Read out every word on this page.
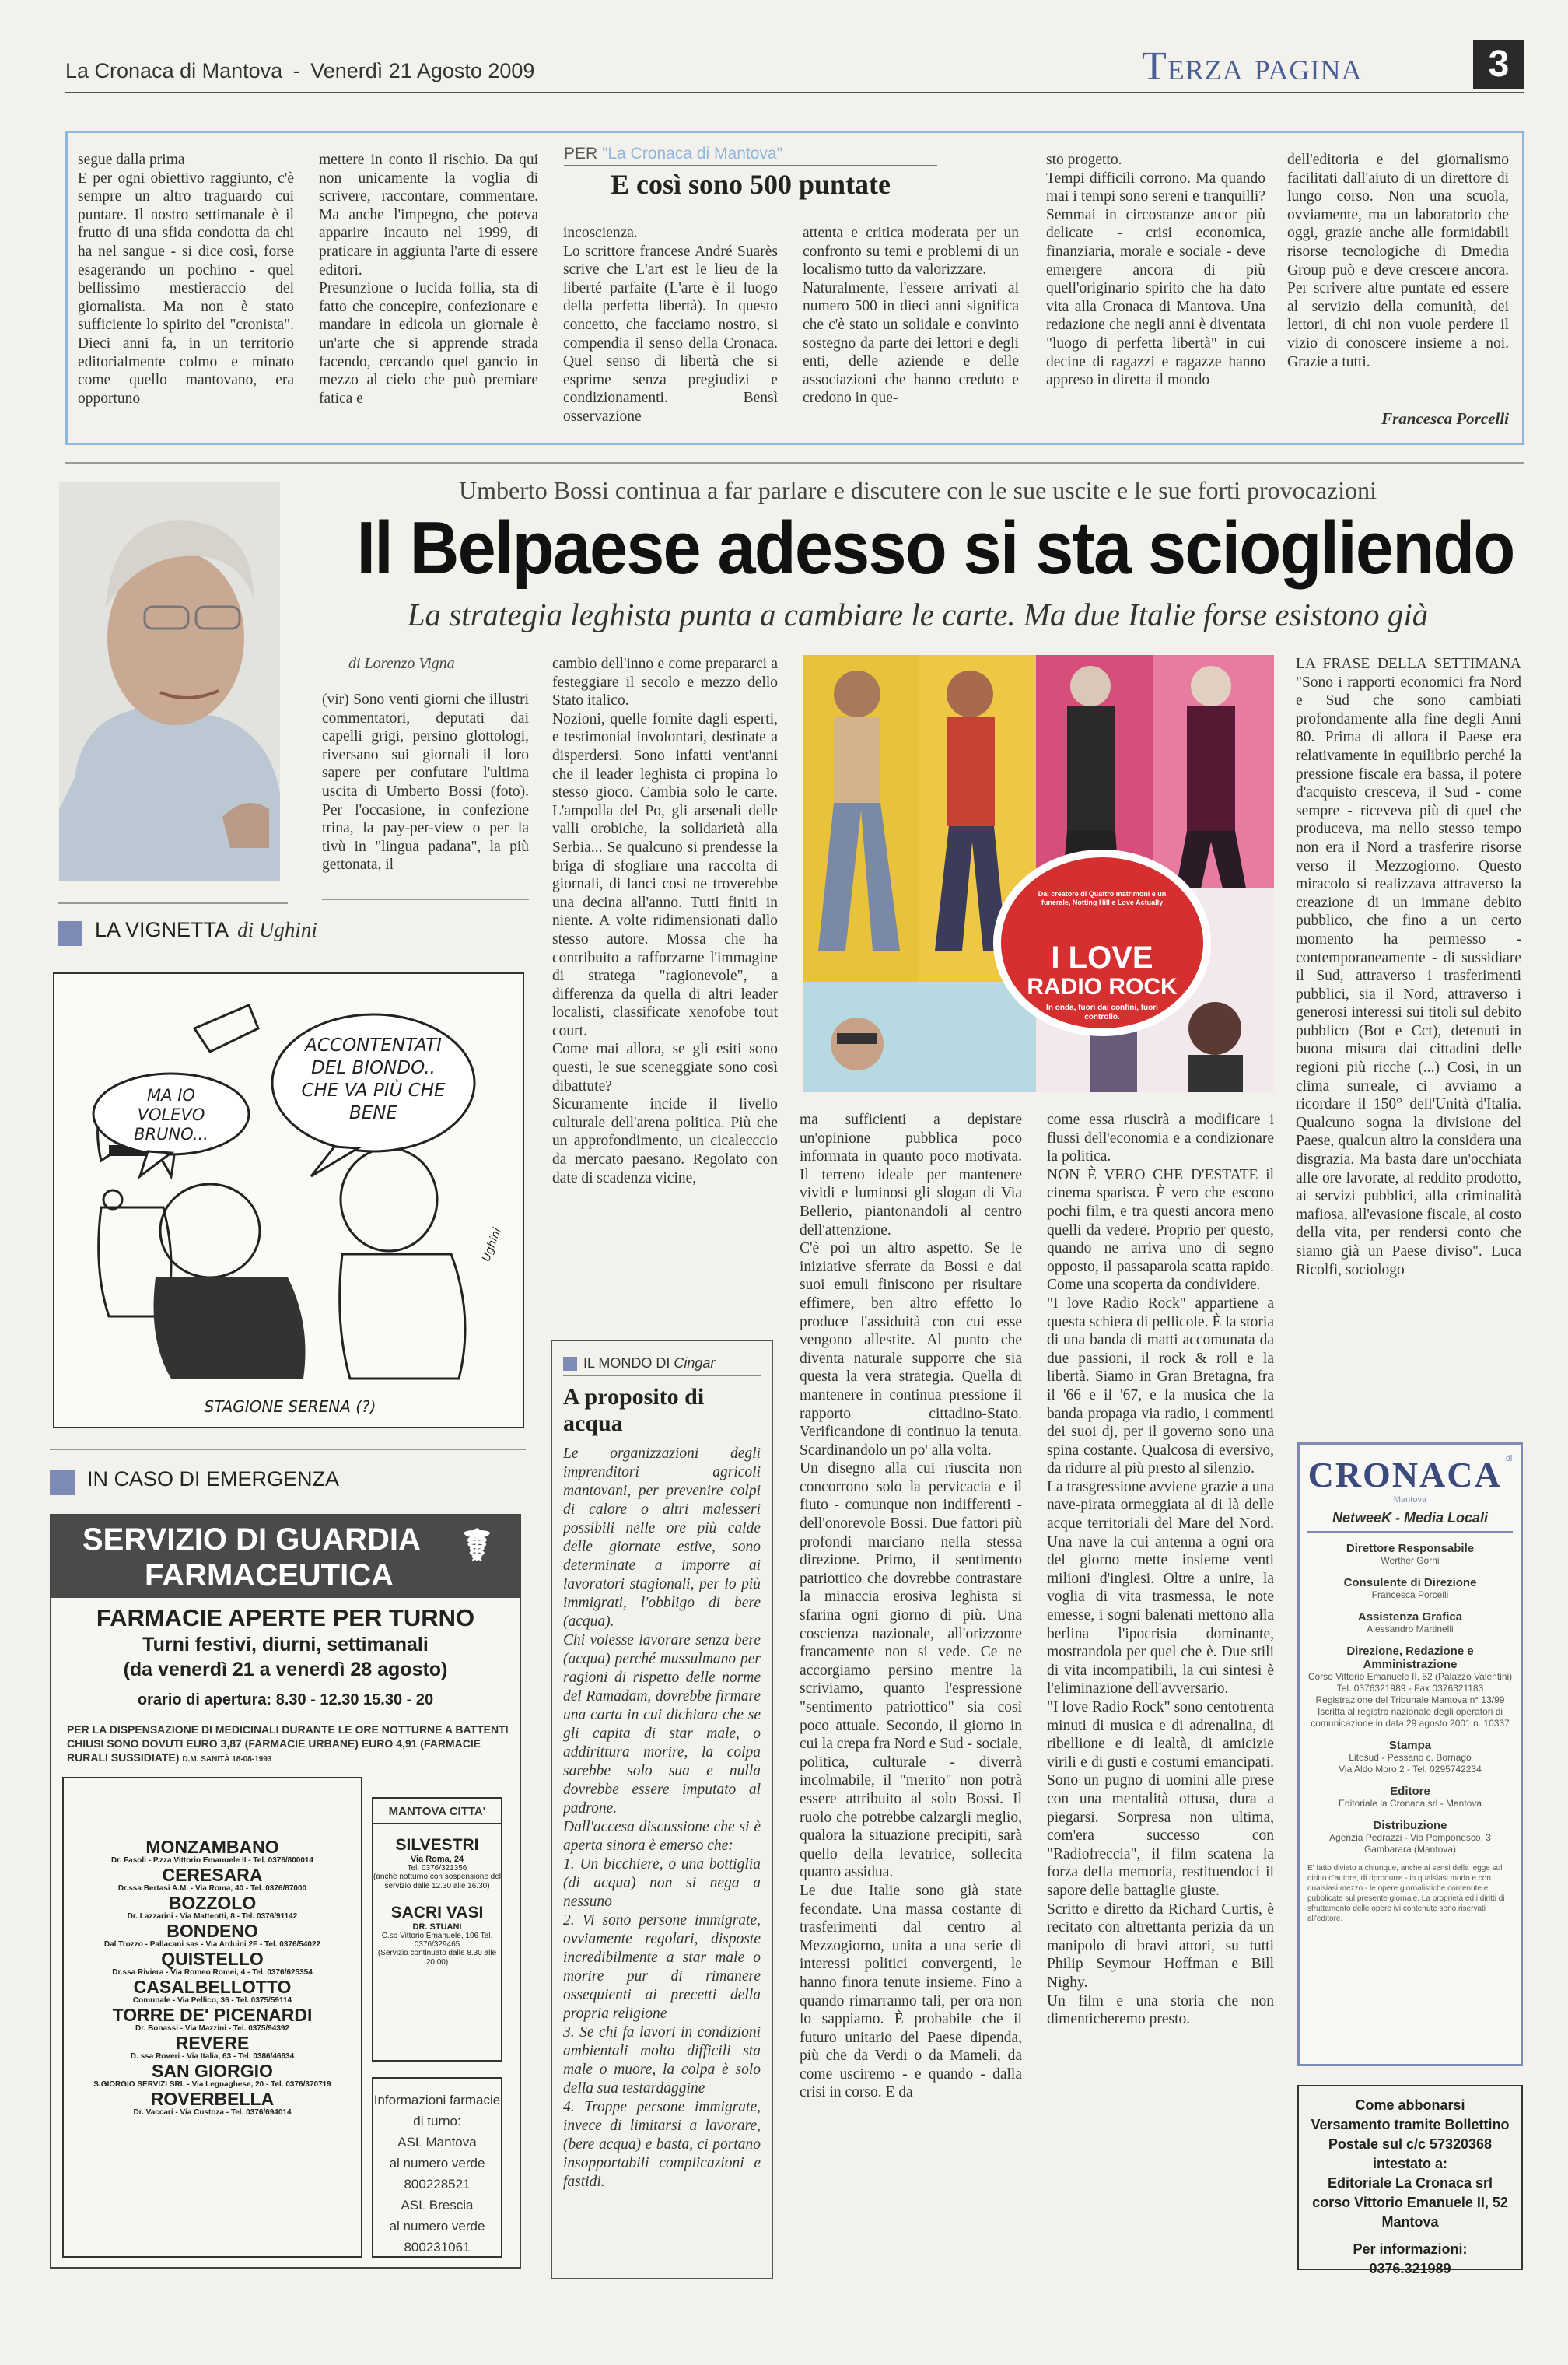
La Cronaca di Mantova - Venerdì 21 Agosto 2009	Terza pagina	3
segue dalla prima
E per ogni obiettivo raggiunto, c'è sempre un altro traguardo cui puntare. Il nostro settimanale è il frutto di una sfida condotta da chi ha nel sangue - si dice così, forse esagerando un pochino - quel bellissimo mestieraccio del giornalista. Ma non è stato sufficiente lo spirito del "cronista". Dieci anni fa, in un territorio editorialmente colmo e minato come quello mantovano, era opportuno
mettere in conto il rischio. Da qui non unicamente la voglia di scrivere, raccontare, commentare. Ma anche l'impegno, che poteva apparire incauto nel 1999, di praticare in aggiunta l'arte di essere editori.
Presunzione o lucida follia, sta di fatto che concepire, confezionare e mandare in edicola un giornale è un'arte che si apprende strada facendo, cercando quel gancio in mezzo al cielo che può premiare fatica e
PER "La Cronaca di Mantova"
E così sono 500 puntate
incoscienza.
Lo scrittore francese André Suarès scrive che L'art est le lieu de la liberté parfaite (L'arte è il luogo della perfetta libertà). In questo concetto, che facciamo nostro, si compendia il senso della Cronaca. Quel senso di libertà che si esprime senza pregiudizi e condizionamenti. Bensì osservazione
attenta e critica moderata per un confronto su temi e problemi di un localismo tutto da valorizzare.
Naturalmente, l'essere arrivati al numero 500 in dieci anni significa che c'è stato un solidale e convinto sostegno da parte dei lettori e degli enti, delle aziende e delle associazioni che hanno creduto e credono in que-
sto progetto.
Tempi difficili corrono. Ma quando mai i tempi sono sereni e tranquilli? Semmai in circostanze ancor più delicate - crisi economica, finanziaria, morale e sociale - deve emergere ancora di più quell'originario spirito che ha dato vita alla Cronaca di Mantova. Una redazione che negli anni è diventata "luogo di perfetta libertà" in cui decine di ragazzi e ragazze hanno appreso in diretta il mondo
dell'editoria e del giornalismo facilitati dall'aiuto di un direttore di lungo corso. Non una scuola, ovviamente, ma un laboratorio che oggi, grazie anche alle formidabili risorse tecnologiche di Dmedia Group può e deve crescere ancora. Per scrivere altre puntate ed essere al servizio della comunità, dei lettori, di chi non vuole perdere il vizio di conoscere insieme a noi. Grazie a tutti.
Francesca Porcelli
Umberto Bossi continua a far parlare e discutere con le sue uscite e le sue forti provocazioni
Il Belpaese adesso si sta sciogliendo
La strategia leghista punta a cambiare le carte. Ma due Italie forse esistono già
di Lorenzo Vigna
(vir) Sono venti giorni che illustri commentatori, deputati dai capelli grigi, persino glottologi, riversano sui giornali il loro sapere per confutare l'ultima uscita di Umberto Bossi (foto). Per l'occasione, in confezione trina, la pay-per-view o per la tivù in "lingua padana", la più gettonata, il
cambio dell'inno e come prepararci a festeggiare il secolo e mezzo dello Stato italico.
Nozioni, quelle fornite dagli esperti, e testimonial involontari, destinate a disperdersi. Sono infatti vent'anni che il leader leghista ci propina lo stesso gioco. Cambia solo le carte. L'ampolla del Po, gli arsenali delle valli orobiche, la solidarietà alla Serbia... Se qualcuno si prendesse la briga di sfogliare una raccolta di giornali, di lanci così ne troverebbe una decina all'anno. Tutti finiti in niente. A volte ridimensionati dallo stesso autore. Mossa che ha contribuito a rafforzarne l'immagine di stratega "ragionevole", a differenza da quella di altri leader localisti, classificate xenofobe tout court.
Come mai allora, se gli esiti sono questi, le sue sceneggiate sono così dibattute?
Sicuramente incide il livello culturale dell'arena politica. Più che un approfondimento, un cicalecccio da mercato paesano. Regolato con date di scadenza vicine,
Dal creatore di Quattro matrimoni e un funerale, Notting Hill e Love Actually
I LOVE
RADIO ROCK
In onda, fuori dai confini, fuori controllo.
ma sufficienti a depistare un'opinione pubblica poco informata in quanto poco motivata. Il terreno ideale per mantenere vividi e luminosi gli slogan di Via Bellerio, piantonandoli al centro dell'attenzione.
C'è poi un altro aspetto. Se le iniziative sferrate da Bossi e dai suoi emuli finiscono per risultare effimere, ben altro effetto lo produce l'assiduità con cui esse vengono allestite. Al punto che diventa naturale supporre che sia questa la vera strategia. Quella di mantenere in continua pressione il rapporto cittadino-Stato. Verificandone di continuo la tenuta. Scardinandolo un po' alla volta.
Un disegno alla cui riuscita non concorrono solo la pervicacia e il fiuto - comunque non indifferenti - dell'onorevole Bossi. Due fattori più profondi marciano nella stessa direzione. Primo, il sentimento patriottico che dovrebbe contrastare la minaccia erosiva leghista si sfarina ogni giorno di più. Una coscienza nazionale, all'orizzonte francamente non si vede. Ce ne accorgiamo persino mentre la scriviamo, quanto l'espressione "sentimento patriottico" sia così poco attuale. Secondo, il giorno in cui la crepa fra Nord e Sud - sociale, politica, culturale - diverrà incolmabile, il "merito" non potrà essere attribuito al solo Bossi. Il ruolo che potrebbe calzargli meglio, qualora la situazione precipiti, sarà quello della levatrice, sollecita quanto assidua.
Le due Italie sono già state fecondate. Una massa costante di trasferimenti dal centro al Mezzogiorno, unita a una serie di interessi politici convergenti, le hanno finora tenute insieme. Fino a quando rimarranno tali, per ora non lo sappiamo. È probabile che il futuro unitario del Paese dipenda, più che da Verdi o da Mameli, da come usciremo - e quando - dalla crisi in corso. E da
come essa riuscirà a modificare i flussi dell'economia e a condizionare la politica.
NON È VERO CHE D'ESTATE il cinema sparisca. È vero che escono pochi film, e tra questi ancora meno quelli da vedere. Proprio per questo, quando ne arriva uno di segno opposto, il passaparola scatta rapido. Come una scoperta da condividere.
"I love Radio Rock" appartiene a questa schiera di pellicole. È la storia di una banda di matti accomunata da due passioni, il rock & roll e la libertà. Siamo in Gran Bretagna, fra il '66 e il '67, e la musica che la banda propaga via radio, i commenti dei suoi dj, per il governo sono una spina costante. Qualcosa di eversivo, da ridurre al più presto al silenzio.
La trasgressione avviene grazie a una nave-pirata ormeggiata al di là delle acque territoriali del Mare del Nord. Una nave la cui antenna a ogni ora del giorno mette insieme venti milioni d'inglesi. Oltre a unire, la voglia di vita trasmessa, le note emesse, i sogni balenati mettono alla berlina l'ipocrisia dominante, mostrandola per quel che è. Due stili di vita incompatibili, la cui sintesi è l'eliminazione dell'avversario.
"I love Radio Rock" sono centotrenta minuti di musica e di adrenalina, di ribellione e di lealtà, di amicizie virili e di gusti e costumi emancipati. Sono un pugno di uomini alle prese con una mentalità ottusa, dura a piegarsi. Sorpresa non ultima, com'era successo con "Radiofreccia", il film scatena la forza della memoria, restituendoci il sapore delle battaglie giuste.
Scritto e diretto da Richard Curtis, è recitato con altrettanta perizia da un manipolo di bravi attori, su tutti Philip Seymour Hoffman e Bill Nighy.
Un film e una storia che non dimenticheremo presto.
LA FRASE DELLA SETTIMANA "Sono i rapporti economici fra Nord e Sud che sono cambiati profondamente alla fine degli Anni 80. Prima di allora il Paese era relativamente in equilibrio perché la pressione fiscale era bassa, il potere d'acquisto cresceva, il Sud - come sempre - riceveva più di quel che produceva, ma nello stesso tempo non era il Nord a trasferire risorse verso il Mezzogiorno. Questo miracolo si realizzava attraverso la creazione di un immane debito pubblico, che fino a un certo momento ha permesso - contemporaneamente - di sussidiare il Sud, attraverso i trasferimenti pubblici, sia il Nord, attraverso i generosi interessi sui titoli sul debito pubblico (Bot e Cct), detenuti in buona misura dai cittadini delle regioni più ricche (...) Così, in un clima surreale, ci avviamo a ricordare il 150° dell'Unità d'Italia. Qualcuno sogna la divisione del Paese, qualcun altro la considera una disgrazia. Ma basta dare un'occhiata alle ore lavorate, al reddito prodotto, ai servizi pubblici, alla criminalità mafiosa, all'evasione fiscale, al costo della vita, per rendersi conto che siamo già un Paese diviso". Luca Ricolfi, sociologo
LA VIGNETTA di Ughini
MA IO VOLEVO BRUNO...
ACCONTENTATI DEL BIONDO.. CHE VA PIÙ CHE BENE
STAGIONE SERENA (?)
Ughini
IN CASO DI EMERGENZA
SERVIZIO DI GUARDIA
FARMACEUTICA
☤
FARMACIE APERTE PER TURNO
Turni festivi, diurni, settimanali
(da venerdì 21 a venerdì 28 agosto)
orario di apertura: 8.30 - 12.30 15.30 - 20
PER LA DISPENSAZIONE DI MEDICINALI DURANTE LE ORE NOTTURNE A BATTENTI CHIUSI SONO DOVUTI EURO 3,87 (FARMACIE URBANE) EURO 4,91 (FARMACIE RURALI SUSSIDIATE) D.M. SANITÀ 18-08-1993
MONZAMBANO
Dr. Fasoli - P.zza Vittorio Emanuele II - Tel. 0376/800014
CERESARA
Dr.ssa Bertasi A.M. - Via Roma, 40 - Tel. 0376/87000
BOZZOLO
Dr. Lazzarini - Via Matteotti, 8 - Tel. 0376/91142
BONDENO
Dal Trozzo - Pallacani sas - Via Arduini 2F - Tel. 0376/54022
QUISTELLO
Dr.ssa Riviera - Via Romeo Romei, 4 - Tel. 0376/625354
CASALBELLOTTO
Comunale - Via Pellico, 36 - Tel. 0375/59114
TORRE DE' PICENARDI
Dr. Bonassi - Via Mazzini - Tel. 0375/94392
REVERE
D. ssa Roveri - Via Italia, 63 - Tel. 0386/46634
SAN GIORGIO
S.GIORGIO SERVIZI SRL - Via Legnaghese, 20 - Tel. 0376/370719
ROVERBELLA
Dr. Vaccari - Via Custoza - Tel. 0376/694014
MANTOVA CITTA'
SILVESTRI
Via Roma, 24
Tel. 0376/321356
(anche notturno con sospensione del servizio dalle 12.30 alle 16.30)
SACRI VASI
DR. STUANI
C.so Vittorio Emanuele, 106 Tel. 0376/329465
(Servizio continuato dalle 8.30 alle 20.00)
Informazioni farmacie di turno:
ASL Mantova
al numero verde
800228521
ASL Brescia
al numero verde
800231061
IL MONDO DI Cingar
A proposito di acqua
Le organizzazioni degli imprenditori agricoli mantovani, per prevenire colpi di calore o altri malesseri possibili nelle ore più calde delle giornate estive, sono determinate a imporre ai lavoratori stagionali, per lo più immigrati, l'obbligo di bere (acqua).
Chi volesse lavorare senza bere (acqua) perché mussulmano per ragioni di rispetto delle norme del Ramadam, dovrebbe firmare una carta in cui dichiara che se gli capita di star male, o addirittura morire, la colpa sarebbe solo sua e nulla dovrebbe essere imputato al padrone.
Dall'accesa discussione che si è aperta sinora è emerso che:
1. Un bicchiere, o una bottiglia (di acqua) non si nega a nessuno
2. Vi sono persone immigrate, ovviamente regolari, disposte incredibilmente a star male o morire pur di rimanere ossequienti ai precetti della propria religione
3. Se chi fa lavori in condizioni ambientali molto difficili sta male o muore, la colpa è solo della sua testardaggine
4. Troppe persone immigrate, invece di limitarsi a lavorare, (bere acqua) e basta, ci portano insopportabili complicazioni e fastidi.
CRONACA $^{di Mantova}$
NetweeK - Media Locali
Direttore Responsabile
Werther Gorni
Consulente di Direzione
Francesca Porcelli
Assistenza Grafica
Alessandro Martinelli
Direzione, Redazione e Amministrazione
Corso Vittorio Emanuele II, 52 (Palazzo Valentini)
Tel. 0376321989 - Fax 0376321183
Registrazione del Tribunale Mantova n° 13/99
Iscritta al registro nazionale degli operatori di comunicazione in data 29 agosto 2001 n. 10337
Stampa
Litosud - Pessano c. Bornago
Via Aldo Moro 2 - Tel. 0295742234
Editore
Editoriale la Cronaca srl - Mantova
Distribuzione
Agenzia Pedrazzi - Via Pomponesco, 3 Gambarara (Mantova)
E' fatto divieto a chiunque, anche ai sensi della legge sul diritto d'autore, di riprodurre - in qualsiasi modo e con qualsiasi mezzo - le opere giornalistiche contenute e pubblicate sul presente giornale. La proprietà ed i diritti di sfruttamento delle opere ivi contenute sono riservati all'editore.
Come abbonarsi
Versamento tramite Bollettino
Postale sul c/c 57320368
intestato a:
Editoriale La Cronaca srl
corso Vittorio Emanuele II, 52
Mantova
Per informazioni:
0376.321989
